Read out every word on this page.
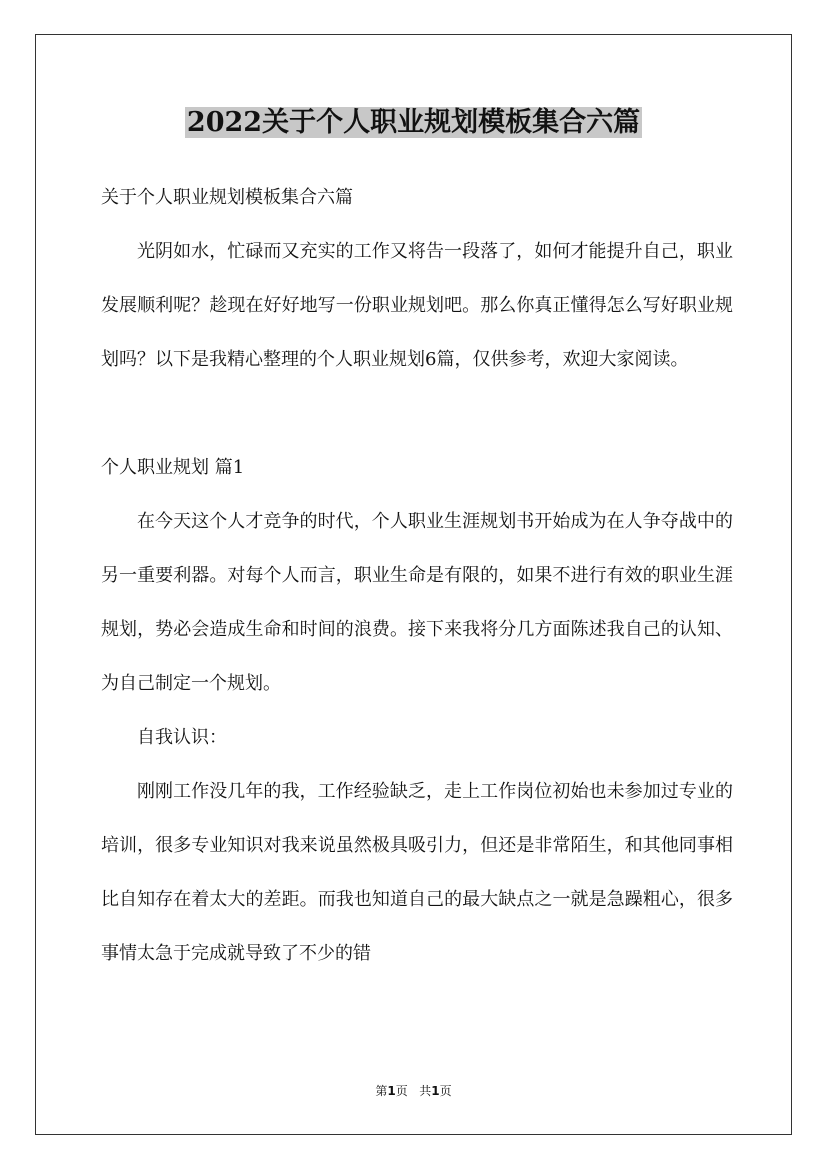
2022关于个人职业规划模板集合六篇

关于个人职业规划模板集合六篇

光阴如水，忙碌而又充实的工作又将告一段落了，如何才能提升自己，职业发展顺利呢？趁现在好好地写一份职业规划吧。那么你真正懂得怎么写好职业规划吗？以下是我精心整理的个人职业规划6篇，仅供参考，欢迎大家阅读。

个人职业规划 篇1

在今天这个人才竞争的时代，个人职业生涯规划书开始成为在人争夺战中的另一重要利器。对每个人而言，职业生命是有限的，如果不进行有效的职业生涯规划，势必会造成生命和时间的浪费。接下来我将分几方面陈述我自己的认知、为自己制定一个规划。

自我认识：

刚刚工作没几年的我，工作经验缺乏，走上工作岗位初始也未参加过专业的培训，很多专业知识对我来说虽然极具吸引力，但还是非常陌生，和其他同事相比自知存在着太大的差距。而我也知道自己的最大缺点之一就是急躁粗心，很多事情太急于完成就导致了不少的错

第1页 共1页
